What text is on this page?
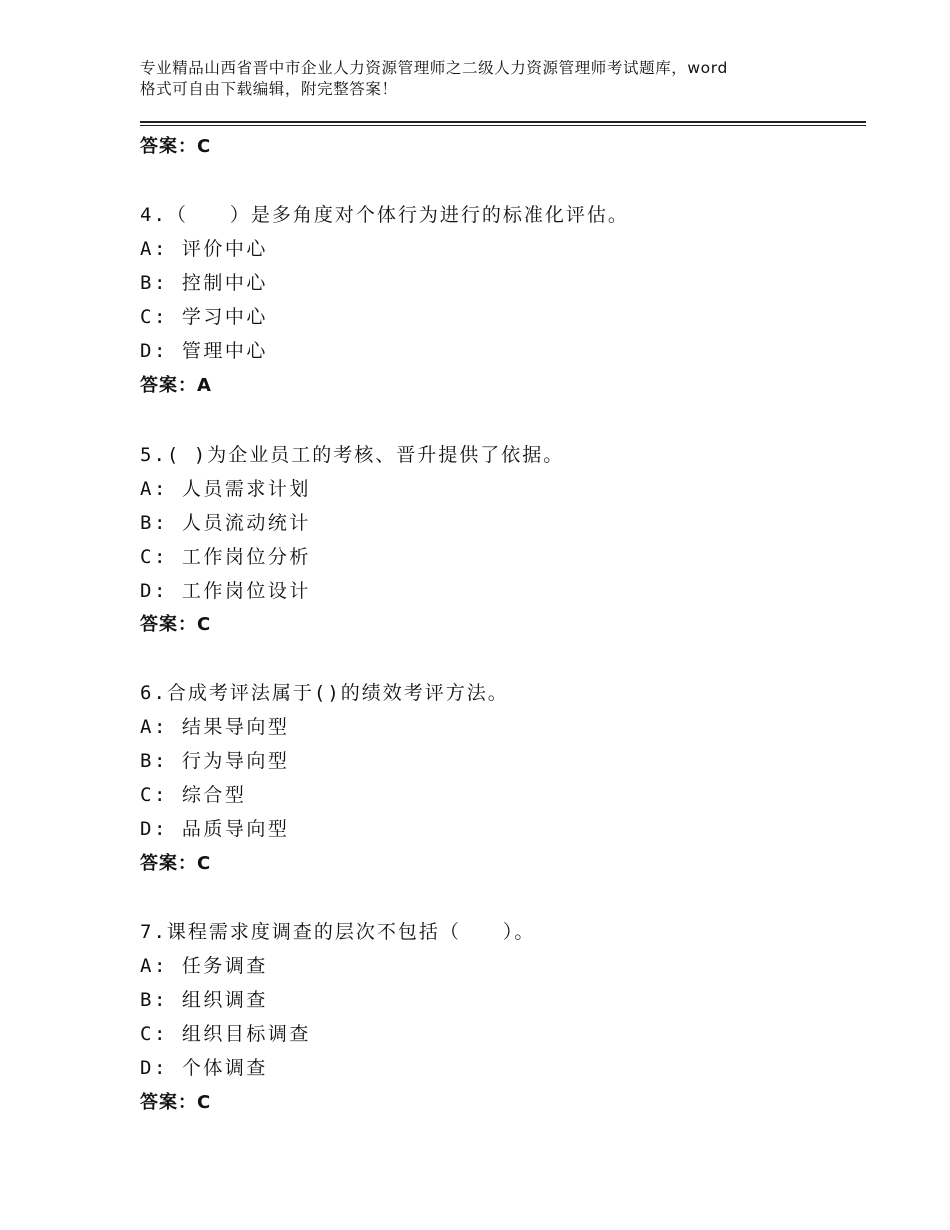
专业精品山西省晋中市企业人力资源管理师之二级人力资源管理师考试题库，word
格式可自由下载编辑，附完整答案！
答案：C
4.（　　）是多角度对个体行为进行的标准化评估。
A: 评价中心
B: 控制中心
C: 学习中心
D: 管理中心
答案：A
5.( )为企业员工的考核、晋升提供了依据。
A: 人员需求计划
B: 人员流动统计
C: 工作岗位分析
D: 工作岗位设计
答案：C
6.合成考评法属于()的绩效考评方法。
A: 结果导向型
B: 行为导向型
C: 综合型
D: 品质导向型
答案：C
7.课程需求度调查的层次不包括（　　）。
A: 任务调查
B: 组织调查
C: 组织目标调查
D: 个体调查
答案：C
